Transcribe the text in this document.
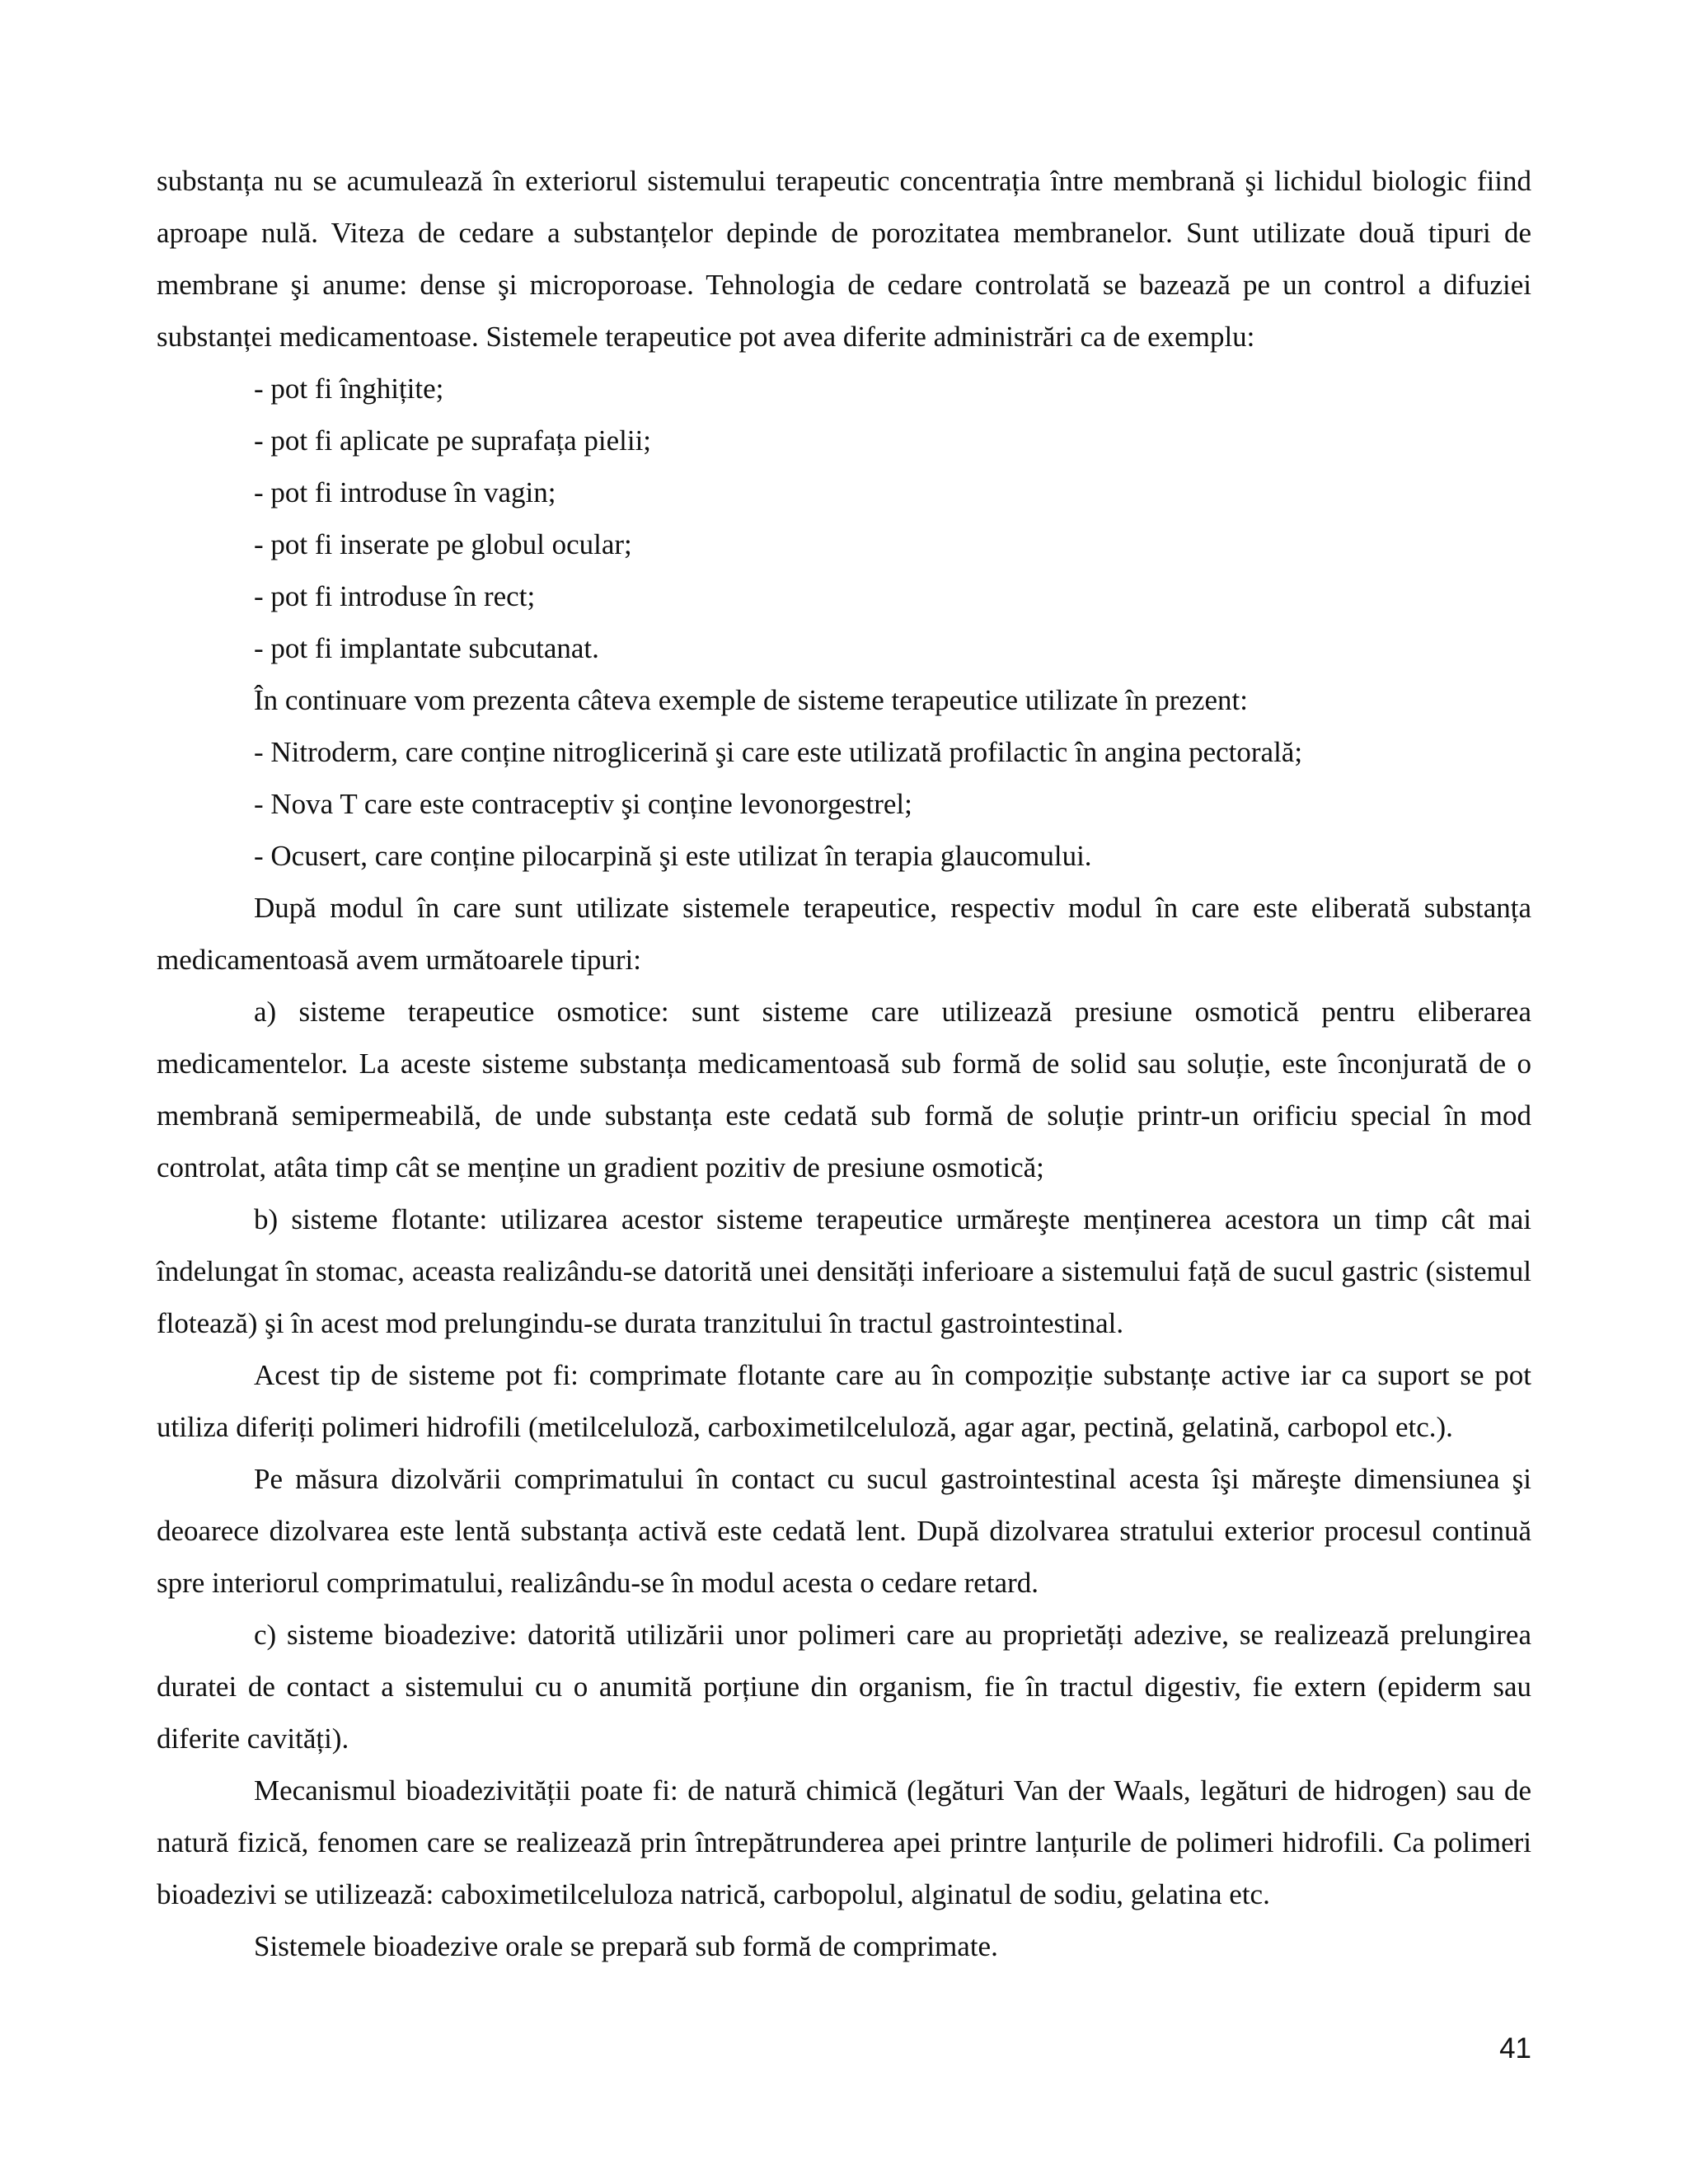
substanța nu se acumulează în exteriorul sistemului terapeutic concentrația între membrană şi lichidul biologic fiind aproape nulă. Viteza de cedare a substanțelor depinde de porozitatea membranelor. Sunt utilizate două tipuri de membrane şi anume: dense şi microporoase. Tehnologia de cedare controlată se bazează pe un control a difuziei substanței medicamentoase. Sistemele terapeutice pot avea diferite administrări ca de exemplu:

- pot fi înghițite;

- pot fi aplicate pe suprafața pielii;

- pot fi introduse în vagin;

- pot fi inserate pe globul ocular;

- pot fi introduse în rect;

- pot fi implantate subcutanat.

În continuare vom prezenta câteva exemple de sisteme terapeutice utilizate în prezent:

- Nitroderm, care conține nitroglicerină şi care este utilizată profilactic în angina pectorală;

- Nova T care este contraceptiv şi conține levonorgestrel;

- Ocusert, care conține pilocarpină şi este utilizat în terapia glaucomului.

După modul în care sunt utilizate sistemele terapeutice, respectiv modul în care este eliberată substanța medicamentoasă avem următoarele tipuri:

a) sisteme terapeutice osmotice: sunt sisteme care utilizează presiune osmotică pentru eliberarea medicamentelor. La aceste sisteme substanța medicamentoasă sub formă de solid sau soluție, este înconjurată de o membrană semipermeabilă, de unde substanța este cedată sub formă de soluție printr-un orificiu special în mod controlat, atâta timp cât se menține un gradient pozitiv de presiune osmotică;

b) sisteme flotante: utilizarea acestor sisteme terapeutice urmăreşte menținerea acestora un timp cât mai îndelungat în stomac, aceasta realizându-se datorită unei densități inferioare a sistemului față de sucul gastric (sistemul flotează) şi în acest mod prelungindu-se durata tranzitului în tractul gastrointestinal.

Acest tip de sisteme pot fi: comprimate flotante care au în compoziție substanțe active iar ca suport se pot utiliza diferiți polimeri hidrofili (metilceluloză, carboximetilceluloză, agar agar, pectină, gelatină, carbopol etc.).

Pe măsura dizolvării comprimatului în contact cu sucul gastrointestinal acesta îşi măreşte dimensiunea şi deoarece dizolvarea este lentă substanța activă este cedată lent. După dizolvarea stratului exterior procesul continuă spre interiorul comprimatului, realizându-se în modul acesta o cedare retard.

c) sisteme bioadezive: datorită utilizării unor polimeri care au proprietăți adezive, se realizează prelungirea duratei de contact a sistemului cu o anumită porțiune din organism, fie în tractul digestiv, fie extern (epiderm sau diferite cavități).

Mecanismul bioadezivității poate fi: de natură chimică (legături Van der Waals, legături de hidrogen) sau de natură fizică, fenomen care se realizează prin întrepătrunderea apei printre lanțurile de polimeri hidrofili. Ca polimeri bioadezivi se utilizează: caboximetilceluloza natrică, carbopolul, alginatul de sodiu, gelatina etc.

Sistemele bioadezive orale se prepară sub formă de comprimate.

41
